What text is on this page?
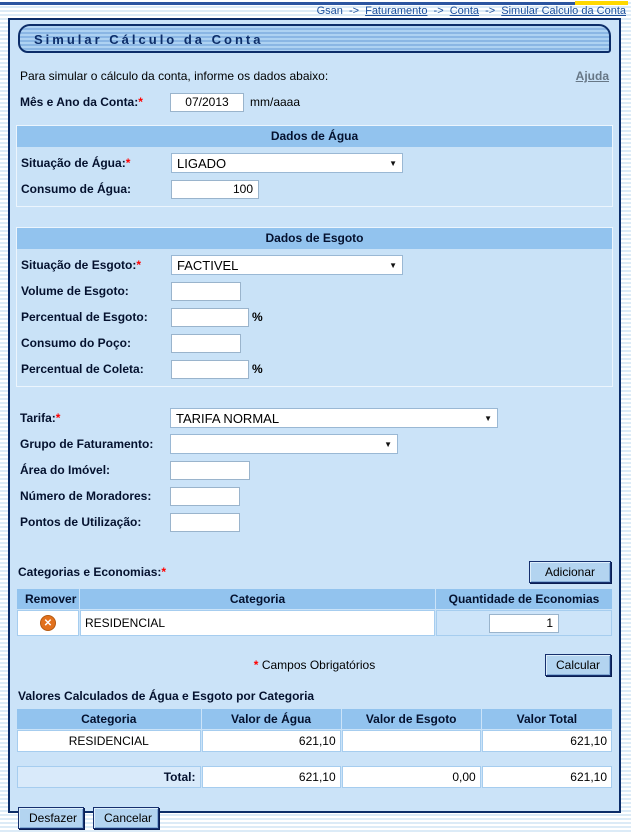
Gsan -> Faturamento -> Conta -> Simular Calculo da Conta
Simular Cálculo da Conta
Para simular o cálculo da conta, informe os dados abaixo:	Ajuda
Mês e Ano da Conta:*
07/2013	mm/aaaa
Dados de Água
Situação de Água:*	LIGADO	▼
Consumo de Água:
100
Dados de Esgoto
Situação de Esgoto:*	FACTIVEL	▼
Volume de Esgoto:
Percentual de Esgoto:	%
Consumo do Poço:
Percentual de Coleta:	%
Tarifa:*	TARIFA NORMAL	▼
Grupo de Faturamento:	▼
Área do Imóvel:
Número de Moradores:
Pontos de Utilização:
Categorias e Economias:*	Adicionar
Remover	Categoria	Quantidade de Economias
✕	RESIDENCIAL	1
* Campos Obrigatórios	Calcular
Valores Calculados de Água e Esgoto por Categoria
Categoria	Valor de Água	Valor de Esgoto	Valor Total
RESIDENCIAL	621,10		621,10
Total:	621,10	0,00	621,10
Desfazer	Cancelar
